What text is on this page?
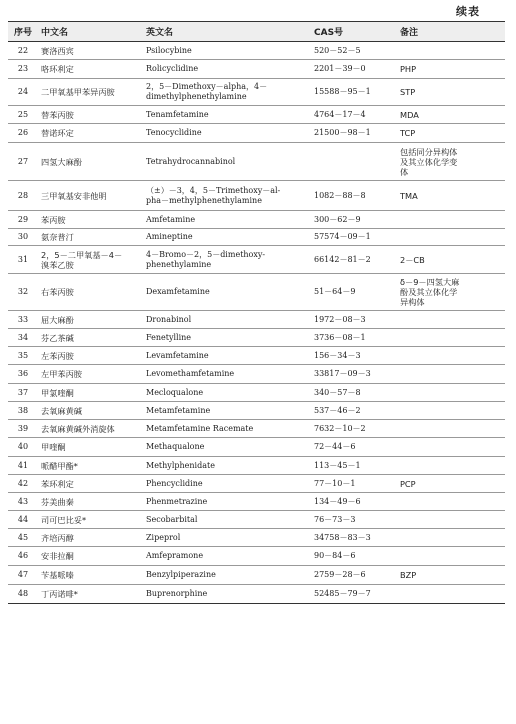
续表
序号	中文名	英文名	CAS号	备注
22	赛洛西宾	Psilocybine	520－52－5	
23	咯环利定	Rolicyclidine	2201－39－0	PHP
24	二甲氧基甲苯异丙胺	2，5－Dimethoxy－alpha，4－
dimethylphenethylamine	15588－95－1	STP
25	替苯丙胺	Tenamfetamine	4764－17－4	MDA
26	替诺环定	Tenocyclidine	21500－98－1	TCP
27	四氢大麻酚	Tetrahydrocannabinol		包括同分异构体
及其立体化学变
体
28	三甲氧基安非他明	（±）－3，4，5－Trimethoxy－al-
pha－methylphenethylamine	1082－88－8	TMA
29	苯丙胺	Amfetamine	300－62－9	
30	氨奈普汀	Amineptine	57574－09－1	
31	2，5－二甲氧基－4－
溴苯乙胺	4－Bromo－2，5－dimethoxy-
phenethylamine	66142－81－2	2－CB
32	右苯丙胺	Dexamfetamine	51－64－9	δ－9－四氢大麻
酚及其立体化学
异构体
33	屈大麻酚	Dronabinol	1972－08－3	
34	芬乙茶碱	Fenetylline	3736－08－1	
35	左苯丙胺	Levamfetamine	156－34－3	
36	左甲苯丙胺	Levomethamfetamine	33817－09－3	
37	甲氯喹酮	Mecloqualone	340－57－8	
38	去氧麻黄碱	Metamfetamine	537－46－2	
39	去氧麻黄碱外消旋体	Metamfetamine Racemate	7632－10－2	
40	甲喹酮	Methaqualone	72－44－6	
41	哌醋甲酯*	Methylphenidate	113－45－1	
42	苯环利定	Phencyclidine	77－10－1	PCP
43	芬美曲秦	Phenmetrazine	134－49－6	
44	司可巴比妥*	Secobarbital	76－73－3	
45	齐培丙醇	Zipeprol	34758－83－3	
46	安非拉酮	Amfepramone	90－84－6	
47	苄基哌嗪	Benzylpiperazine	2759－28－6	BZP
48	丁丙诺啡*	Buprenorphine	52485－79－7	
